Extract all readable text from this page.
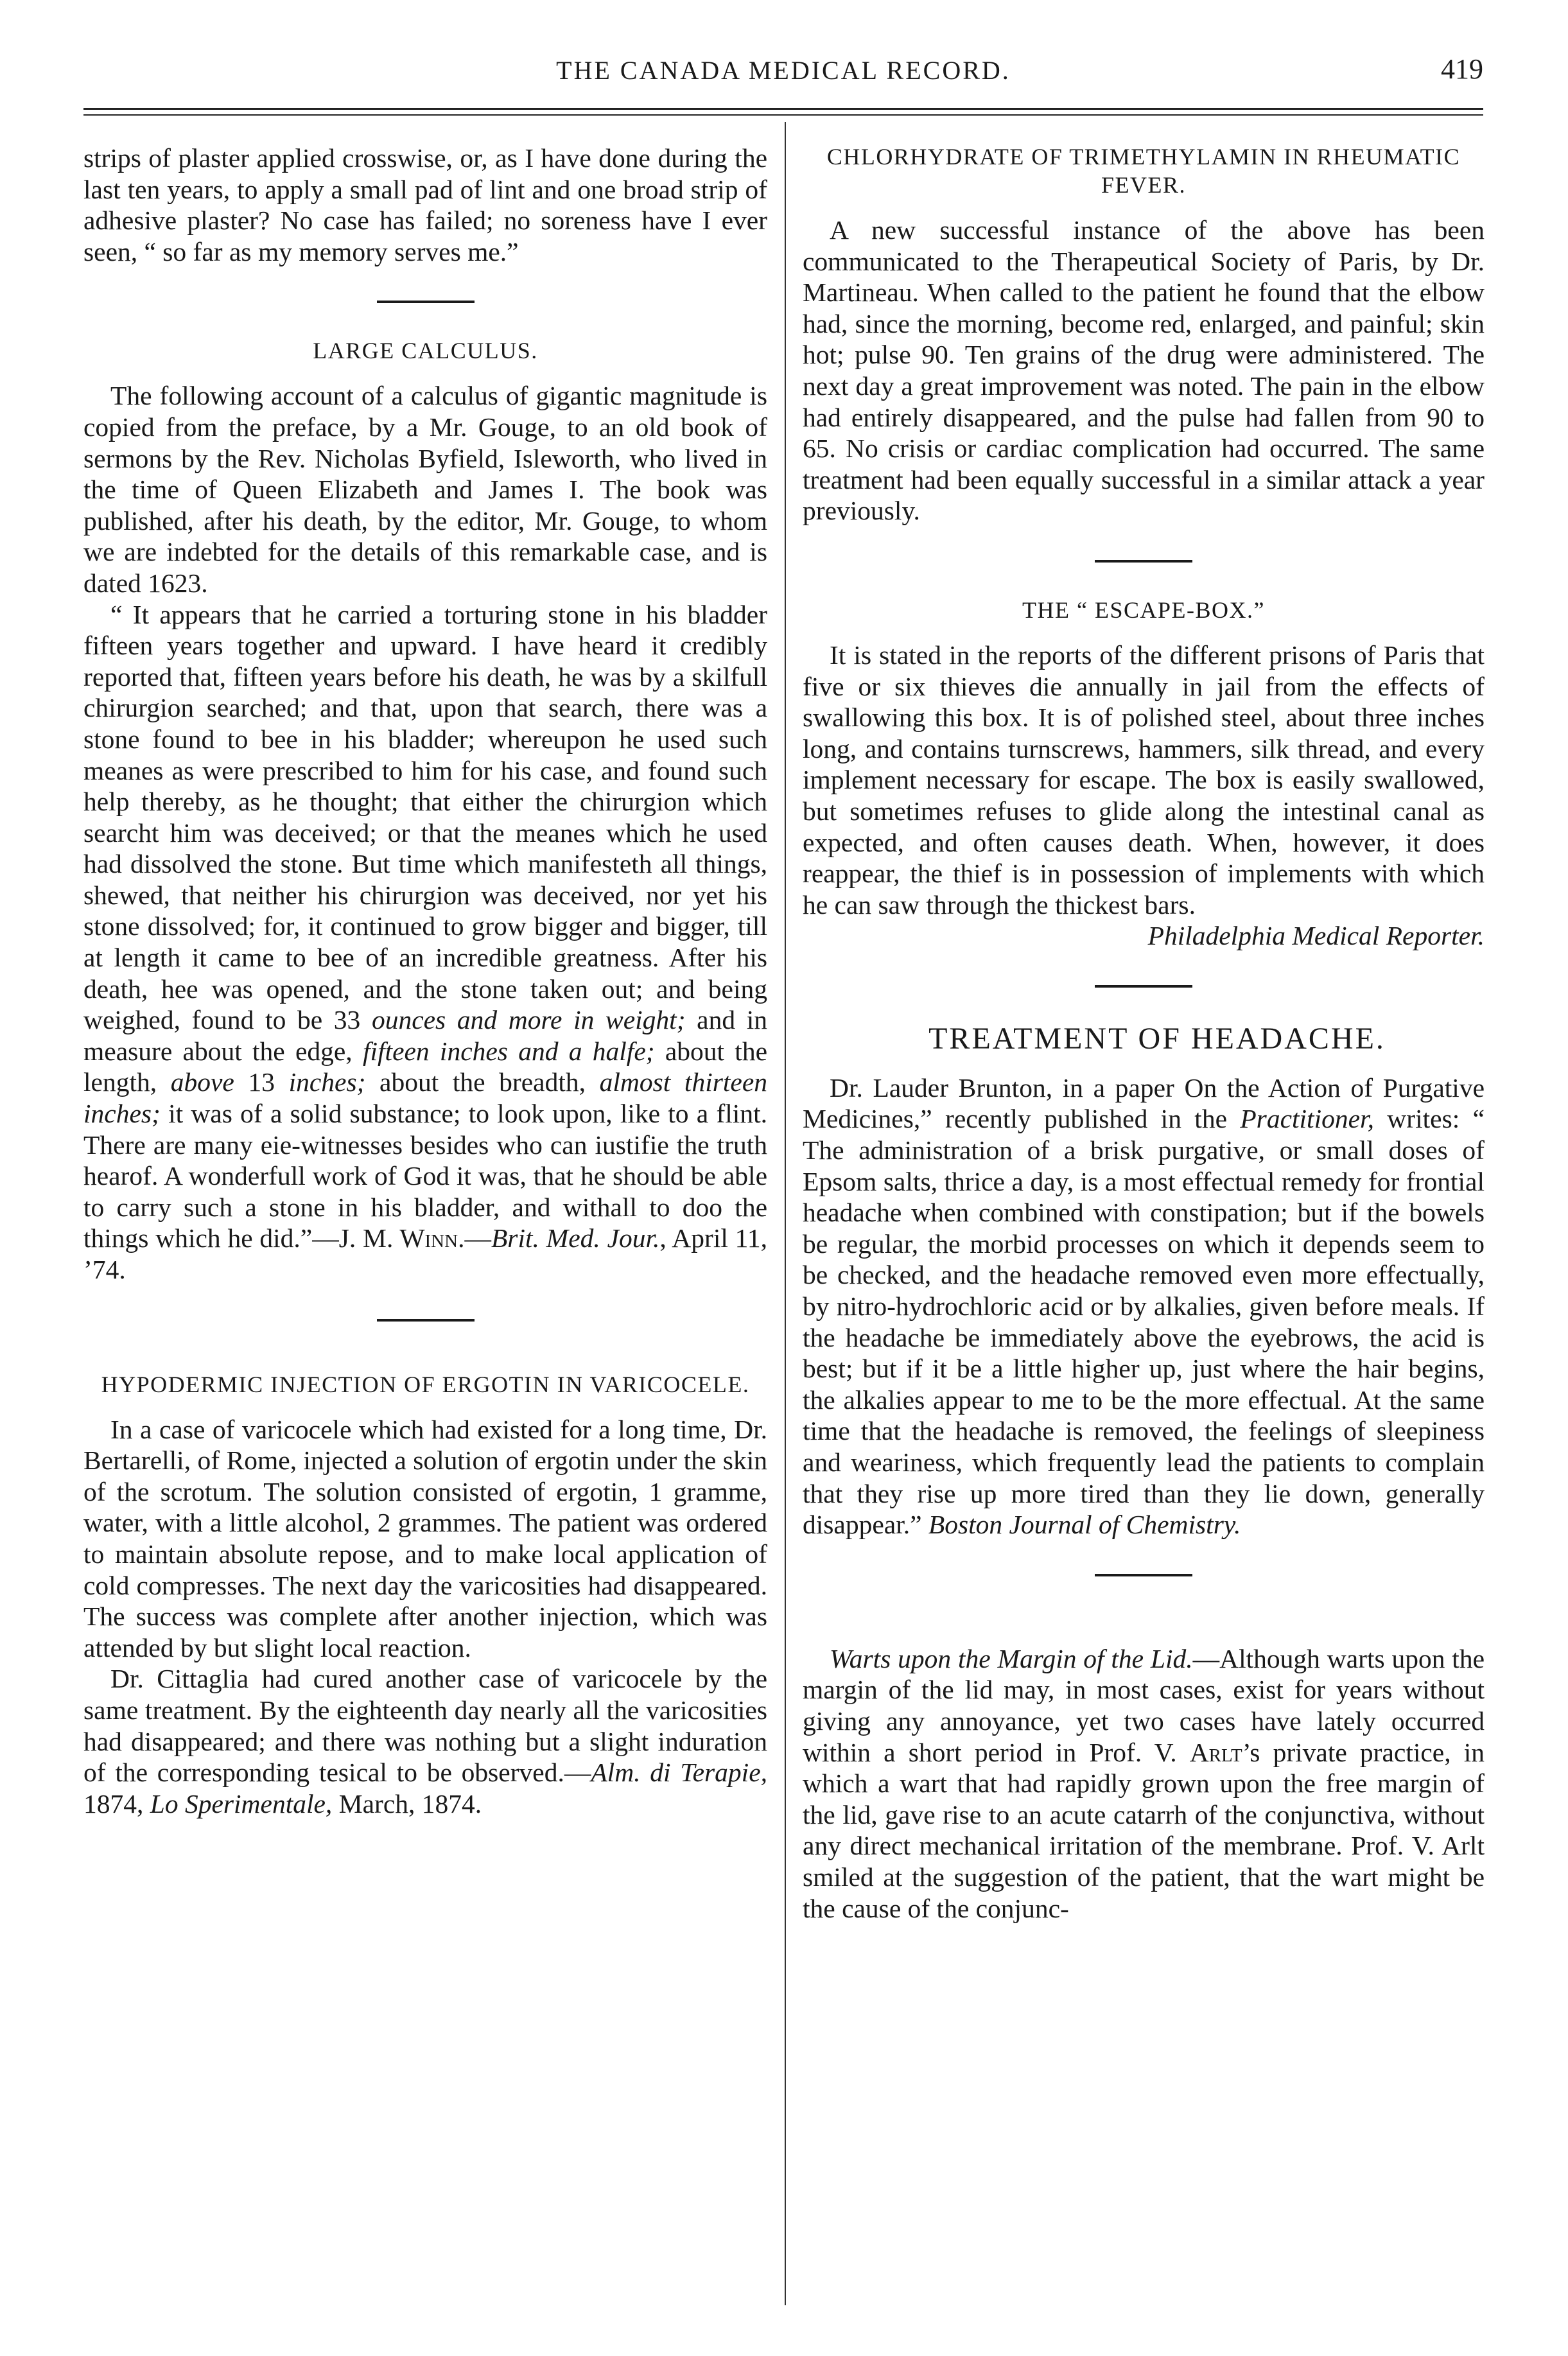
THE CANADA MEDICAL RECORD.	419

strips of plaster applied crosswise, or, as I have done during the last ten years, to apply a small pad of lint and one broad strip of adhesive plaster? No case has failed; no soreness have I ever seen, “ so far as my memory serves me.”

LARGE CALCULUS.

The following account of a calculus of gigantic magnitude is copied from the preface, by a Mr. Gouge, to an old book of sermons by the Rev. Nicholas Byfield, Isleworth, who lived in the time of Queen Elizabeth and James I. The book was published, after his death, by the editor, Mr. Gouge, to whom we are indebted for the details of this remarkable case, and is dated 1623.

“ It appears that he carried a torturing stone in his bladder fifteen years together and upward. I have heard it credibly reported that, fifteen years before his death, he was by a skilfull chirurgion searched; and that, upon that search, there was a stone found to bee in his bladder; whereupon he used such meanes as were prescribed to him for his case, and found such help thereby, as he thought; that either the chirurgion which searcht him was deceived; or that the meanes which he used had dissolved the stone. But time which manifesteth all things, shewed, that neither his chirurgion was deceived, nor yet his stone dissolved; for, it continued to grow bigger and bigger, till at length it came to bee of an incredible greatness. After his death, hee was opened, and the stone taken out; and being weighed, found to be 33 ounces and more in weight; and in measure about the edge, fifteen inches and a halfe; about the length, above 13 inches; about the breadth, almost thirteen inches; it was of a solid substance; to look upon, like to a flint. There are many eie-witnesses besides who can iustifie the truth hearof. A wonderfull work of God it was, that he should be able to carry such a stone in his bladder, and withall to doo the things which he did.”—J. M. Winn.—Brit. Med. Jour., April 11, ’74.

HYPODERMIC INJECTION OF ERGOTIN IN VARICOCELE.

In a case of varicocele which had existed for a long time, Dr. Bertarelli, of Rome, injected a solution of ergotin under the skin of the scrotum. The solution consisted of ergotin, 1 gramme, water, with a little alcohol, 2 grammes. The patient was ordered to maintain absolute repose, and to make local application of cold compresses. The next day the varicosities had disappeared. The success was complete after another injection, which was attended by but slight local reaction.

Dr. Cittaglia had cured another case of varicocele by the same treatment. By the eighteenth day nearly all the varicosities had disappeared; and there was nothing but a slight induration of the corresponding tesical to be observed.—Alm. di Terapie, 1874, Lo Sperimentale, March, 1874.

CHLORHYDRATE OF TRIMETHYLAMIN IN RHEUMATIC FEVER.

A new successful instance of the above has been communicated to the Therapeutical Society of Paris, by Dr. Martineau. When called to the patient he found that the elbow had, since the morning, become red, enlarged, and painful; skin hot; pulse 90. Ten grains of the drug were administered. The next day a great improvement was noted. The pain in the elbow had entirely disappeared, and the pulse had fallen from 90 to 65. No crisis or cardiac complication had occurred. The same treatment had been equally successful in a similar attack a year previously.

THE “ ESCAPE-BOX.”

It is stated in the reports of the different prisons of Paris that five or six thieves die annually in jail from the effects of swallowing this box. It is of polished steel, about three inches long, and contains turnscrews, hammers, silk thread, and every implement necessary for escape. The box is easily swallowed, but sometimes refuses to glide along the intestinal canal as expected, and often causes death. When, however, it does reappear, the thief is in possession of implements with which he can saw through the thickest bars.

Philadelphia Medical Reporter.

TREATMENT OF HEADACHE.

Dr. Lauder Brunton, in a paper On the Action of Purgative Medicines,” recently published in the Practitioner, writes: “ The administration of a brisk purgative, or small doses of Epsom salts, thrice a day, is a most effectual remedy for frontial headache when combined with constipation; but if the bowels be regular, the morbid processes on which it depends seem to be checked, and the headache removed even more effectually, by nitro-hydrochloric acid or by alkalies, given before meals. If the headache be immediately above the eyebrows, the acid is best; but if it be a little higher up, just where the hair begins, the alkalies appear to me to be the more effectual. At the same time that the headache is removed, the feelings of sleepiness and weariness, which frequently lead the patients to complain that they rise up more tired than they lie down, generally disappear.” Boston Journal of Chemistry.

Warts upon the Margin of the Lid.—Although warts upon the margin of the lid may, in most cases, exist for years without giving any annoyance, yet two cases have lately occurred within a short period in Prof. V. Arlt’s private practice, in which a wart that had rapidly grown upon the free margin of the lid, gave rise to an acute catarrh of the conjunctiva, without any direct mechanical irritation of the membrane. Prof. V. Arlt smiled at the suggestion of the patient, that the wart might be the cause of the conjunc-
